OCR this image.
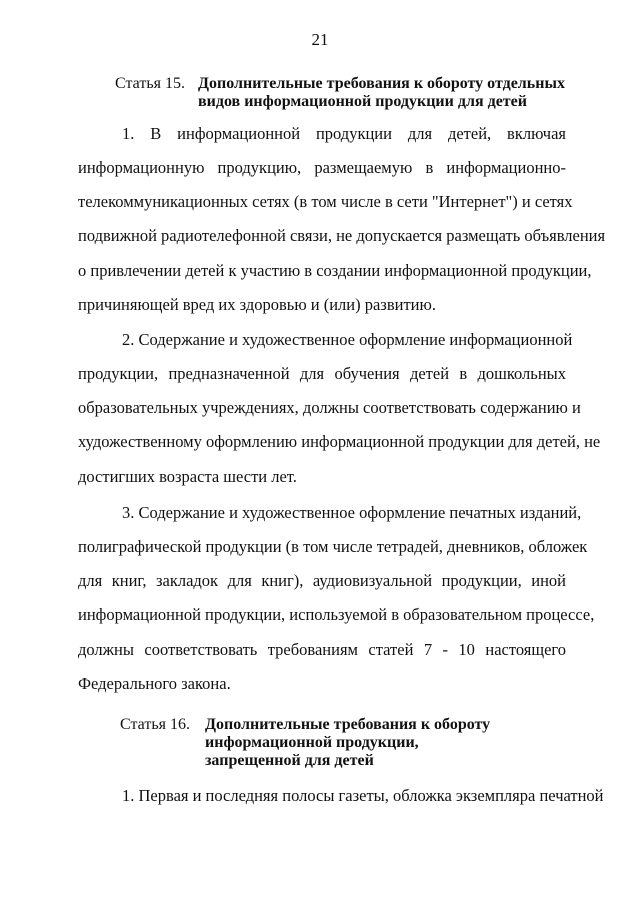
21
Статья 15. Дополнительные требования к обороту отдельных
видов информационной продукции для детей
1. В информационной продукции для детей, включая
информационную продукцию, размещаемую в информационно-
телекоммуникационных сетях (в том числе в сети "Интернет") и сетях
подвижной радиотелефонной связи, не допускается размещать объявления
о привлечении детей к участию в создании информационной продукции,
причиняющей вред их здоровью и (или) развитию.
2. Содержание и художественное оформление информационной
продукции, предназначенной для обучения детей в дошкольных
образовательных учреждениях, должны соответствовать содержанию и
художественному оформлению информационной продукции для детей, не
достигших возраста шести лет.
3. Содержание и художественное оформление печатных изданий,
полиграфической продукции (в том числе тетрадей, дневников, обложек
для книг, закладок для книг), аудиовизуальной продукции, иной
информационной продукции, используемой в образовательном процессе,
должны соответствовать требованиям статей 7 - 10 настоящего
Федерального закона.
Статья 16. Дополнительные требования к обороту
информационной продукции,
запрещенной для детей
1. Первая и последняя полосы газеты, обложка экземпляра печатной
